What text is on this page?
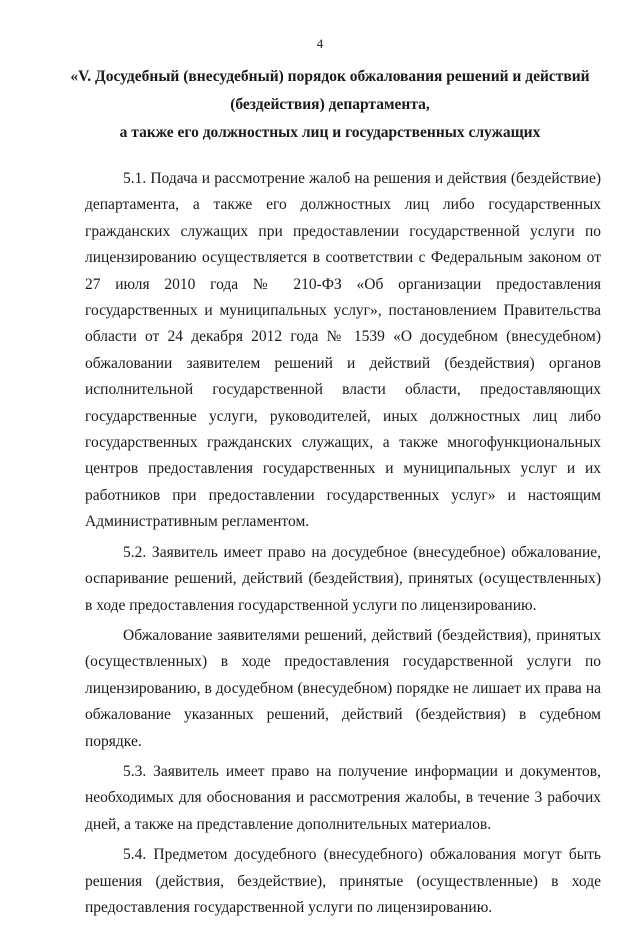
4
«V. Досудебный (внесудебный) порядок обжалования решений и действий
(бездействия) департамента,
а также его должностных лиц и государственных служащих

5.1. Подача и рассмотрение жалоб на решения и действия (бездействие) департамента, а также его должностных лиц либо государственных гражданских служащих при предоставлении государственной услуги по лицензированию осуществляется в соответствии с Федеральным законом от 27 июля 2010 года № 210-ФЗ «Об организации предоставления государственных и муниципальных услуг», постановлением Правительства области от 24 декабря 2012 года № 1539 «О досудебном (внесудебном) обжаловании заявителем решений и действий (бездействия) органов исполнительной государственной власти области, предоставляющих государственные услуги, руководителей, иных должностных лиц либо государственных гражданских служащих, а также многофункциональных центров предоставления государственных и муниципальных услуг и их работников при предоставлении государственных услуг» и настоящим Административным регламентом.

5.2. Заявитель имеет право на досудебное (внесудебное) обжалование, оспаривание решений, действий (бездействия), принятых (осуществленных) в ходе предоставления государственной услуги по лицензированию.

Обжалование заявителями решений, действий (бездействия), принятых (осуществленных) в ходе предоставления государственной услуги по лицензированию, в досудебном (внесудебном) порядке не лишает их права на обжалование указанных решений, действий (бездействия) в судебном порядке.

5.3. Заявитель имеет право на получение информации и документов, необходимых для обоснования и рассмотрения жалобы, в течение 3 рабочих дней, а также на представление дополнительных материалов.

5.4. Предметом досудебного (внесудебного) обжалования могут быть решения (действия, бездействие), принятые (осуществленные) в ходе предоставления государственной услуги по лицензированию.
